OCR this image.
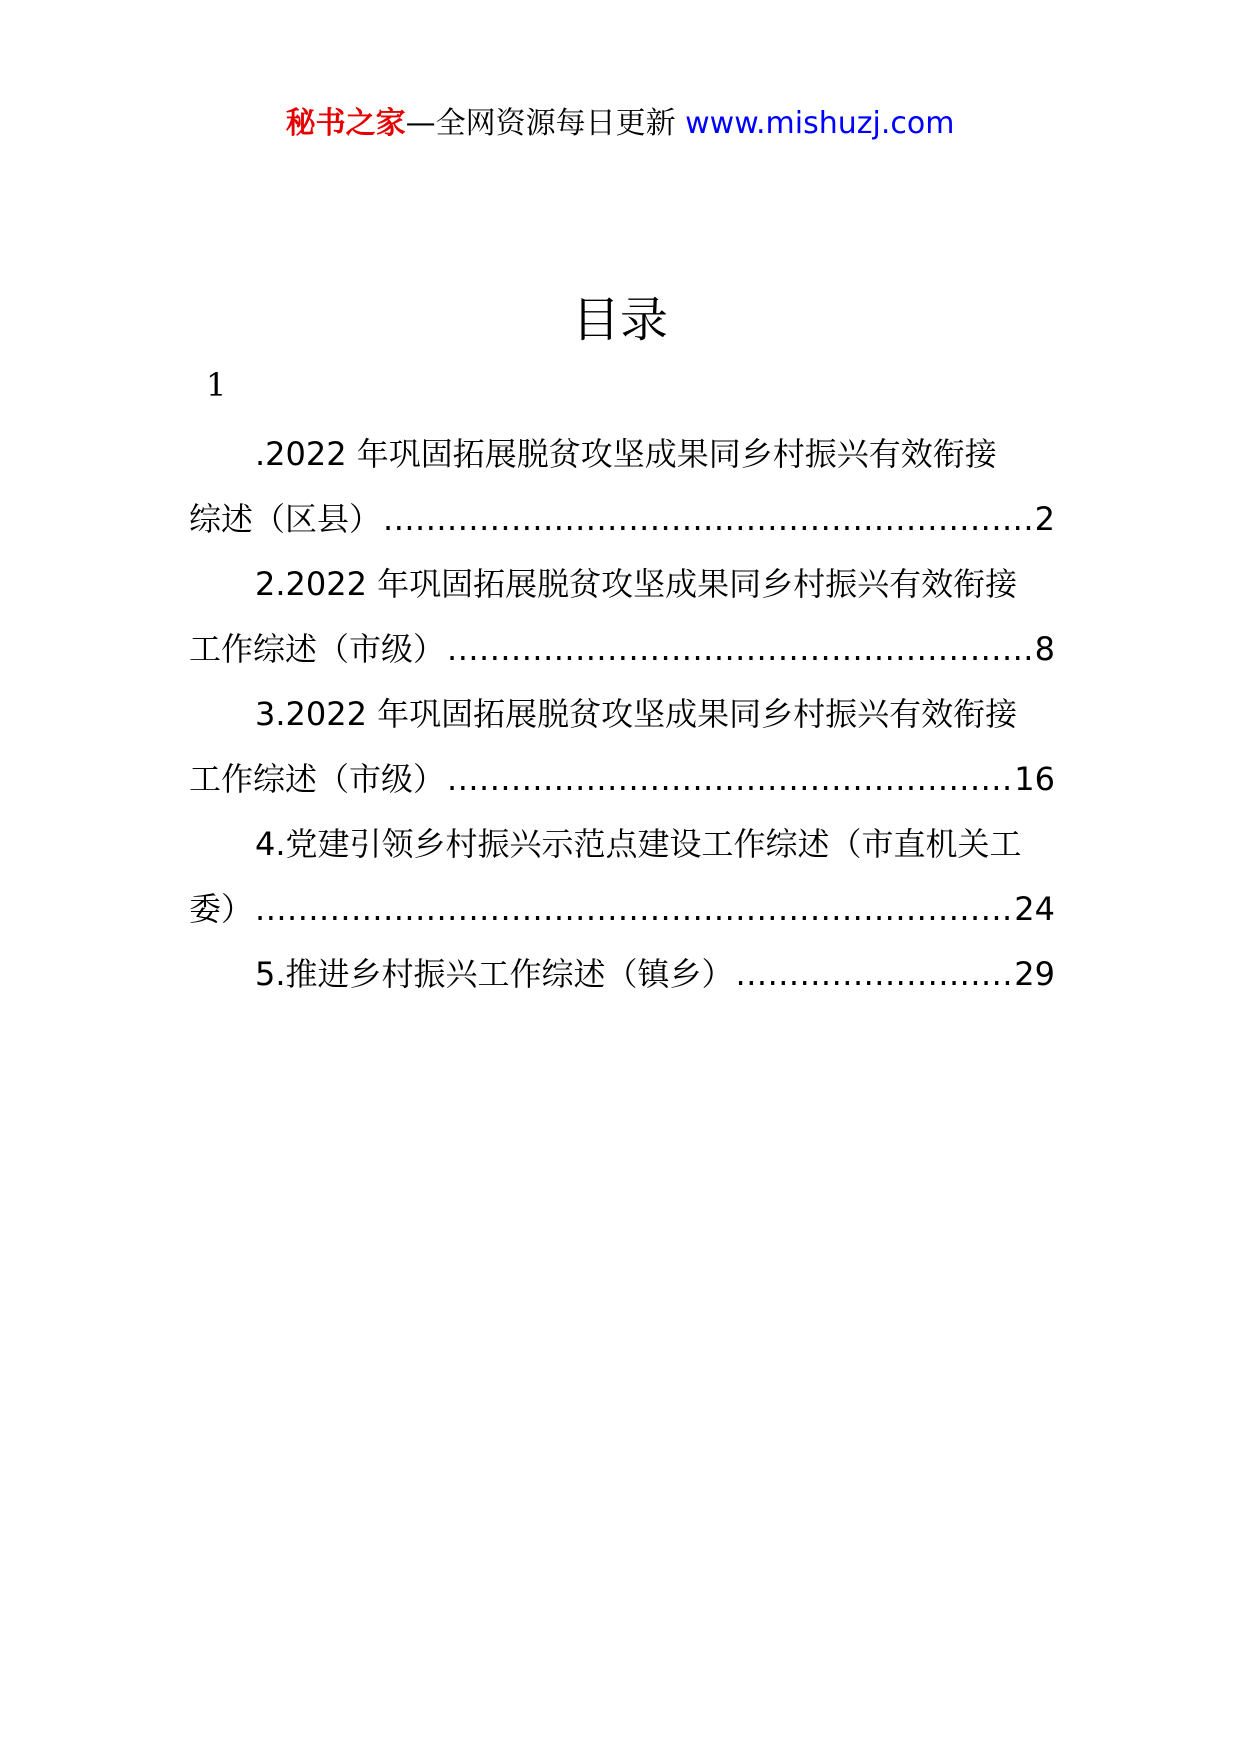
秘书之家—全网资源每日更新 www.mishuzj.com
目录
1
.2022 年巩固拓展脱贫攻坚成果同乡村振兴有效衔接
综述（区县） .....	2
2.2022 年巩固拓展脱贫攻坚成果同乡村振兴有效衔接
工作综述（市级） .....	8
3.2022 年巩固拓展脱贫攻坚成果同乡村振兴有效衔接
工作综述（市级） .....	16
4.党建引领乡村振兴示范点建设工作综述（市直机关工
委） .....	24
5.推进乡村振兴工作综述（镇乡） .....	29
